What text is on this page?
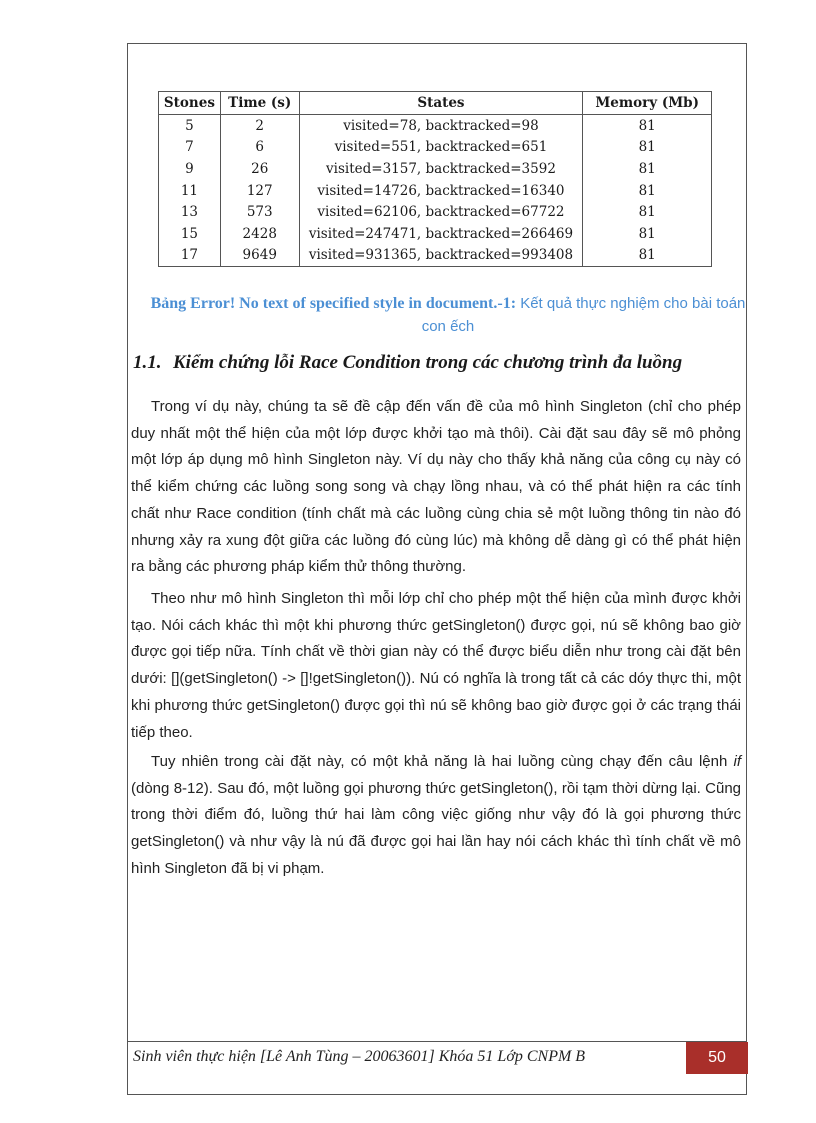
Stones	Time (s)	States	Memory (Mb)
5	2	visited=78, backtracked=98	81
7	6	visited=551, backtracked=651	81
9	26	visited=3157, backtracked=3592	81
11	127	visited=14726, backtracked=16340	81
13	573	visited=62106, backtracked=67722	81
15	2428	visited=247471, backtracked=266469	81
17	9649	visited=931365, backtracked=993408	81
Bảng Error! No text of specified style in document.-1: Kết quả thực nghiệm cho bài toán con ếch
1.1. Kiểm chứng lỗi Race Condition trong các chương trình đa luồng

Trong ví dụ này, chúng ta sẽ đề cập đến vấn đề của mô hình Singleton (chỉ cho phép duy nhất một thể hiện của một lớp được khởi tạo mà thôi). Cài đặt sau đây sẽ mô phỏng một lớp áp dụng mô hình Singleton này. Ví dụ này cho thấy khả năng của công cụ này có thể kiểm chứng các luồng song song và chạy lồng nhau, và có thể phát hiện ra các tính chất như Race condition (tính chất mà các luồng cùng chia sẻ một luồng thông tin nào đó nhưng xảy ra xung đột giữa các luồng đó cùng lúc) mà không dễ dàng gì có thể phát hiện ra bằng các phương pháp kiểm thử thông thường.

Theo như mô hình Singleton thì mỗi lớp chỉ cho phép một thể hiện của mình được khởi tạo. Nói cách khác thì một khi phương thức getSingleton() được gọi, nú sẽ không bao giờ được gọi tiếp nữa. Tính chất về thời gian này có thể được biểu diễn như trong cài đặt bên dưới: [](getSingleton() -> []!getSingleton()). Nú có nghĩa là trong tất cả các dóy thực thi, một khi phương thức getSingleton() được gọi thì nú sẽ không bao giờ được gọi ở các trạng thái tiếp theo.

Tuy nhiên trong cài đặt này, có một khả năng là hai luồng cùng chạy đến câu lệnh if (dòng 8-12). Sau đó, một luồng gọi phương thức getSingleton(), rồi tạm thời dừng lại. Cũng trong thời điểm đó, luồng thứ hai làm công việc giống như vậy đó là gọi phương thức getSingleton() và như vậy là nú đã được gọi hai lần hay nói cách khác thì tính chất về mô hình Singleton đã bị vi phạm.

Sinh viên thực hiện [Lê Anh Tùng – 20063601] Khóa 51 Lớp CNPM B	50
